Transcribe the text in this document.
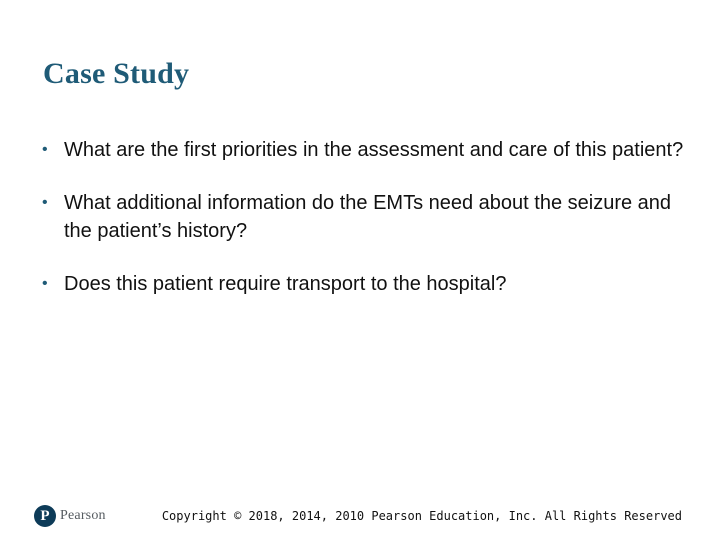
Case Study
• What are the first priorities in the assessment and care of this patient?
• What additional information do the EMTs need about the seizure and the patient’s history?
• Does this patient require transport to the hospital?
P Pearson	Copyright © 2018, 2014, 2010 Pearson Education, Inc. All Rights Reserved
